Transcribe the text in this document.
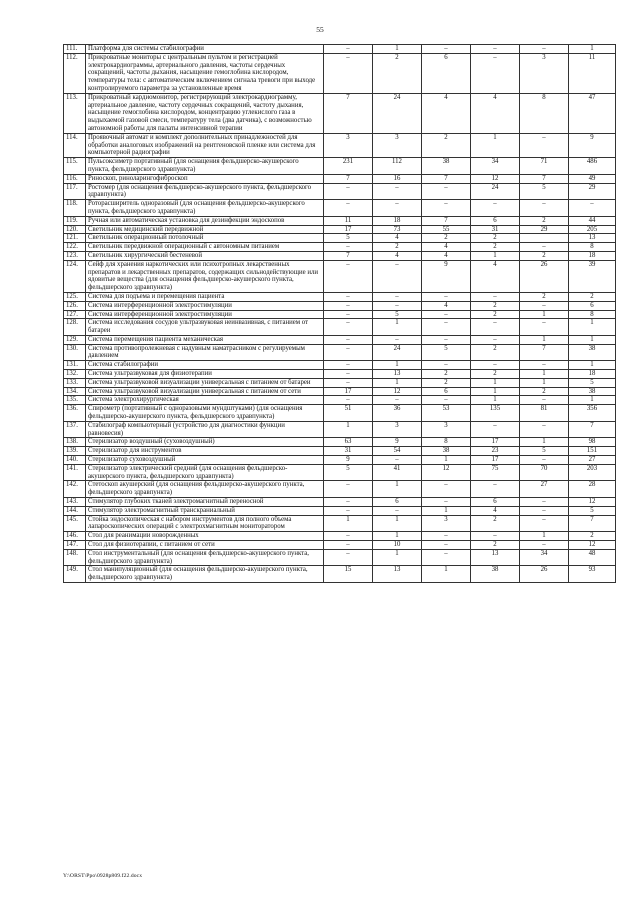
55
111.	Платформа для системы стабилографии	–	1	–	–	–	1
112.	Прикроватные мониторы с центральным пультом и регистрацией электрокардиограммы, артериального давления, частоты сердечных сокращений, частоты дыхания, насыщение гемоглобина кислородом, температуры тела: с автоматическим включением сигнала тревоги при выходе контролируемого параметра за установленные время	–	2	6	–	3	11
113.	Прикроватный кардиомонитор, регистрирующий электрокардиограмму, артериальное давление, частоту сердечных сокращений, частоту дыхания, насыщение гемоглобина кислородом, концентрацию углекислого газа в выдыхаемой газовой смеси, температуру тела (два датчика), с возможностью автономной работы для палаты интенсивной терапии	7	24	4	4	8	47
114.	Проявочный автомат и комплект дополнительных принадлежностей для обработки аналоговых изображений на рентгеновской пленке или система для компьютерной радиографии	3	3	2	1	–	9
115.	Пульсоксиметр портативный (для оснащения фельдшерско-акушерского пункта, фельдшерского здравпункта)	231	112	38	34	71	486
116.	Риноскоп, риноларингофиброскоп	7	16	7	12	7	49
117.	Ростомер (для оснащения фельдшерско-акушерского пункта, фельдшерского здравпункта)	–	–	–	24	5	29
118.	Роторасширитель одноразовый (для оснащения фельдшерско-акушерского пункта, фельдшерского здравпункта)	–	–	–	–	–	–
119.	Ручная или автоматическая установка для дезинфекции эндоскопов	11	18	7	6	2	44
120.	Светильник медицинский передвижной	17	73	55	31	29	205
121.	Светильник операционный потолочный	5	4	2	2		13
122.	Светильник передвижной операционный с автономным питанием	–	2	4	2	–	8
123.	Светильник хирургический бестеневой	7	4	4	1	2	18
124.	Сейф для хранения наркотических или психотропных лекарственных препаратов и лекарственных препаратов, содержащих сильнодействующие или ядовитые вещества (для оснащения фельдшерско-акушерского пункта, фельдшерского здравпункта)	–	–	9	4	26	39
125.	Система для подъема и перемещения пациента	–	–	–	–	2	2
126.	Система интерференционной электростимуляции	–	–	4	2	–	6
127.	Система интерференционной электростимуляции	–	5	–	2	1	8
128.	Система исследования сосудов ультразвуковая неинвазивная, с питанием от батареи	–	1	–	–	–	1
129.	Система перемещения пациента механическая	–	–	–	–	1	1
130.	Система противопролежневая с надувным наматрасником с регулируемым давлением	–	24	5	2	7	38
131.	Система стабилографии	–	1	–	–	–	1
132.	Система ультразвуковая для физиотерапии	–	13	2	2	1	18
133.	Система ультразвуковой визуализации универсальная с питанием от батареи	–	1	2	1	1	5
134.	Система ультразвуковой визуализации универсальная с питанием от сети	17	12	6	1	2	38
135.	Система электрохирургическая	–	–	–	1	–	1
136.	Спирометр (портативный с одноразовыми мундштуками) (для оснащения фельдшерско-акушерского пункта, фельдшерского здравпункта)	51	36	53	135	81	356
137.	Стабилограф компьютерный (устройство для диагностики функции равновесия)	1	3	3	–	–	7
138.	Стерилизатор воздушный (суховоздушный)	63	9	8	17	1	98
139.	Стерилизатор для инструментов	31	54	38	23	5	151
140.	Стерилизатор суховоздушный	9	–	1	17	–	27
141.	Стерилизатор электрический средний (для оснащения фельдшерско-акушерского пункта, фельдшерского здравпункта)	5	41	12	75	70	203
142.	Стетоскоп акушерский (для оснащения фельдшерско-акушерского пункта, фельдшерского здравпункта)	–	1	–	–	27	28
143.	Стимулятор глубоких тканей электромагнитный переносной	–	6	–	6	–	12
144.	Стимулятор электромагнитный транскраниальный	–	–	1	4	–	5
145.	Стойка эндоскопическая с набором инструментов для полного объема лапароскопических операций с электрохмагнитным мониторатором	1	1	3	2	–	7
146.	Стол для реанимации новорожденных	–	1	–	–	1	2
147.	Стол для физиотерапии, с питанием от сети	–	10	–	2	–	12
148.	Стол инструментальный (для оснащения фельдшерско-акушерского пункта, фельдшерского здравпункта)	–	1	–	13	34	48
149.	Стол манипуляционный (для оснащения фельдшерско-акушерского пункта, фельдшерского здравпункта)	15	13	1	38	26	93
Y:\ORST\Ppo\0928p809.f22.docx
